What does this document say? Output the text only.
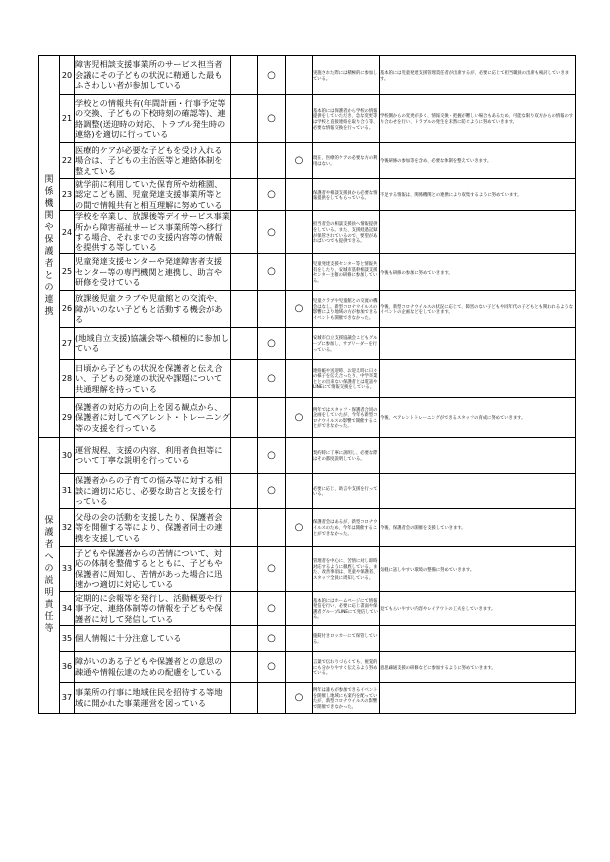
関係機関や保護者との連携	20	障害児相談支援事業所のサービス担当者会議にその子どもの状況に精通した最もふさわしい者が参加している		○		実施された際には積極的に参加している。	基本的には児童発達支援管理責任者が出席するが、必要に応じて担当職員の出席も検討していきます。

	21	学校との情報共有(年間計画・行事予定等の交換、子どもの下校時刻の確認等)、連絡調整(送迎時の対応、トラブル発生時の連絡)を適切に行っている		○		基本的には保護者から学校の情報提供をしていただき、急な変更等は学校と直接連絡を取り合う等、必要な情報交換を行っている。	学校側からの変更が多く、情報交換・把握が難しい場合もあるため、可能な限り双方からの情報のすり合わせを行い、トラブルの発生を未然に防ぐように努めていきます。

	22	医療的ケアが必要な子どもを受け入れる場合は、子どもの主治医等と連絡体制を整えている			○	現在、医療的ケアの必要な方の利用はない。	今後研修の参加等を含め、必要な体制を整えていきます。

	23	就学前に利用していた保育所や幼稚園、認定こども園、児童発達支援事業所等との間で情報共有と相互理解に努めている		○		保護者や相談支援員から必要な情報提供をしてもらっている。	不足する情報は、関係機関との連携により収集するように努めています。

	24	学校を卒業し、放課後等デイサービス事業所から障害福祉サービス事業所等へ移行する場合、それまでの支援内容等の情報を提供する等している		○		担当者会の相談支援員へ情報提供をしている。また、支援経過記録が保管されているので、要望があればいつでも提供できる。	

	25	児童発達支援センターや発達障害者支援センター等の専門機関と連携し、助言や研修を受けている		○		児童発達支援センター等と情報共有をしたり、安城市基幹相談支援センター主催の研修に参加している。	今後も研修の参加に努めていきます。

	26	放課後児童クラブや児童館との交流や、障がいのない子どもと活動する機会がある			○	児童クラブや児童館との交流の機会はなし。新型コロナウイルスの影響により地域の方が参加できるイベントも開催できなかった。	今後、新型コロナウイルスの状況に応じて、障害のない子どもや同年代の子どもとも関われるようなイベントの企画などをしていきます。

	27	(地域自立支援)協議会等へ積極的に参加している		○		安城市自立支援協議会こどもグループに参加し、サブリーダーを行っている。	

	28	日頃から子どもの状況を保護者と伝え合い、子どもの発達の状況や課題について共通理解を持っている		○		連絡帳や送迎時、お迎え時に日々の様子を伝え合ったり、中学卒業ととの出来ない保護者とは電話やLINEにて情報交換をしている。	

	29	保護者の対応力の向上を図る観点から、保護者に対してペアレント・トレーニング等の支援を行っている			○	例年ではスタッフ・保護者合同の企画をしていたが、今年も新型コロナウイルスの影響で開催することができなかった。	今後、ペアレントトレーニングができるスタッフの育成に努めていきます。

保護者への説明責任等	30	運営規程、支援の内容、利用者負担等について丁寧な説明を行っている		○		契約時に丁寧に説明し、必要な際はその都度説明している。	

	31	保護者からの子育ての悩み等に対する相談に適切に応じ、必要な助言と支援を行っている		○		必要に応じ、助言や支援を行っている。	

	32	父母の会の活動を支援したり、保護者会等を開催する等により、保護者同士の連携を支援している			○	保護者会はあるが、新型コロナウイルスのため、今年は開催することができなかった。	今後、保護者会の開催を支援していきます。

	33	子どもや保護者からの苦情について、対応の体制を整備するとともに、子どもや保護者に周知し、苦情があった場合に迅速かつ適切に対応している		○		管理者を中心に、苦情に対し即時対応するように徹底している。また、改善事項は、児童や保護者、スタッフ全員に周知している。	気軽に話しやすい環境の整備に努めていきます。

	34	定期的に会報等を発行し、活動概要や行事予定、連絡体制等の情報を子どもや保護者に対して発信している		○		基本的にはホームページにて情報発信を行い、必要に応じ書面や保護者グループLINEにて発信している。	見てもらいやすい内容やレイアウトの工夫をしていきます。

	35	個人情報に十分注意している		○		施錠付きロッカーにて保管している。	

	36	障がいのある子どもや保護者との意思の疎通や情報伝達のための配慮をしている		○		言葉で伝わりづらくても、視覚的にも分かりやすく伝えるよう努めている。	意思疎通支援の研修などに参加するように努めていきます。

	37	事業所の行事に地域住民を招待する等地域に開かれた事業運営を図っている			○	例年は誰もが参加できるイベントを開催し地域にも案内を配っていたが、新型コロナウイルスの影響で開催できなかった。	
